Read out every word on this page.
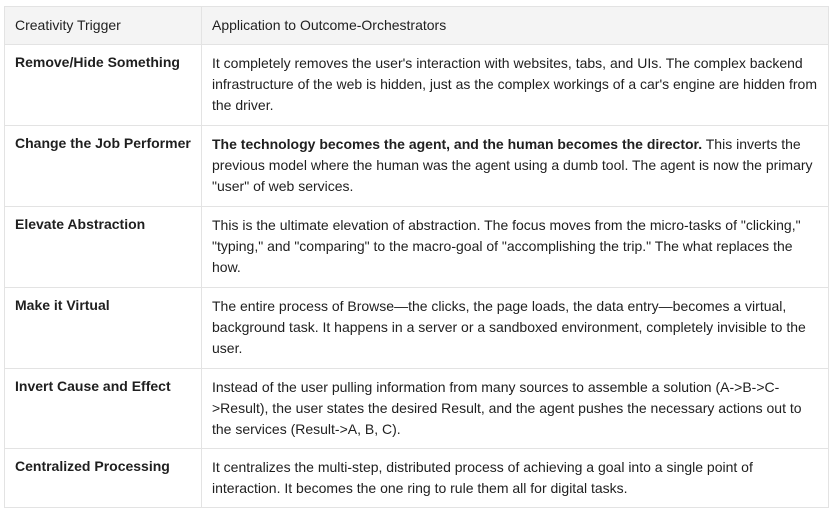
Creativity Trigger	Application to Outcome-Orchestrators
Remove/Hide Something	It completely removes the user's interaction with websites, tabs, and UIs. The complex backend infrastructure of the web is hidden, just as the complex workings of a car's engine are hidden from the driver.
Change the Job Performer	The technology becomes the agent, and the human becomes the director. This inverts the previous model where the human was the agent using a dumb tool. The agent is now the primary "user" of web services.
Elevate Abstraction	This is the ultimate elevation of abstraction. The focus moves from the micro-tasks of "clicking," "typing," and "comparing" to the macro-goal of "accomplishing the trip." The what replaces the how.
Make it Virtual	The entire process of Browse—the clicks, the page loads, the data entry—becomes a virtual, background task. It happens in a server or a sandboxed environment, completely invisible to the user.
Invert Cause and Effect	Instead of the user pulling information from many sources to assemble a solution (A->B->C->Result), the user states the desired Result, and the agent pushes the necessary actions out to the services (Result->A, B, C).
Centralized Processing	It centralizes the multi-step, distributed process of achieving a goal into a single point of interaction. It becomes the one ring to rule them all for digital tasks.
